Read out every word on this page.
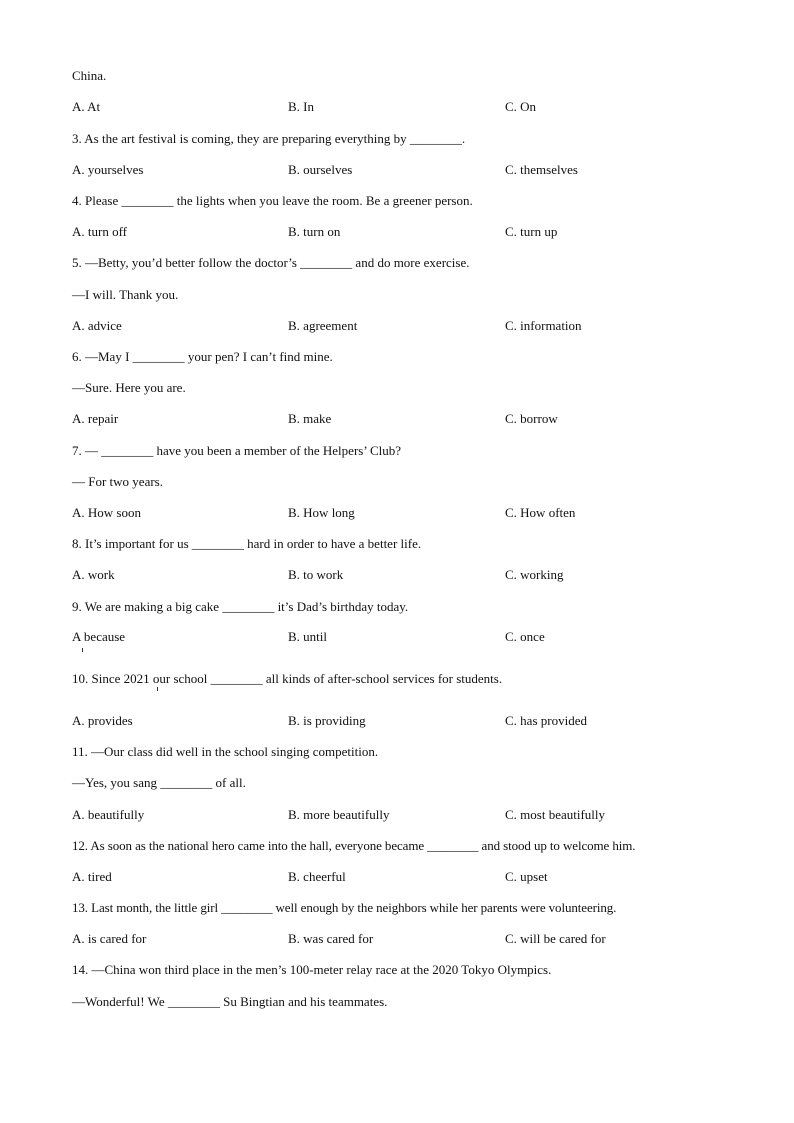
China.
A. At	B. In	C. On
3. As the art festival is coming, they are preparing everything by ________.
A. yourselves	B. ourselves	C. themselves
4. Please ________ the lights when you leave the room. Be a greener person.
A. turn off	B. turn on	C. turn up
5. —Betty, you’d better follow the doctor’s ________ and do more exercise.
—I will. Thank you.
A. advice	B. agreement	C. information
6. —May I ________ your pen? I can’t find mine.
—Sure. Here you are.
A. repair	B. make	C. borrow
7. — ________ have you been a member of the Helpers’ Club?
— For two years.
A. How soon	B. How long	C. How often
8. It’s important for us ________ hard in order to have a better life.
A. work	B. to work	C. working
9. We are making a big cake ________ it’s Dad’s birthday today.
A because	B. until	C. once
10. Since 2021 our school ________ all kinds of after-school services for students.
A. provides	B. is providing	C. has provided
11. —Our class did well in the school singing competition.
—Yes, you sang ________ of all.
A. beautifully	B. more beautifully	C. most beautifully
12. As soon as the national hero came into the hall, everyone became ________ and stood up to welcome him.
A. tired	B. cheerful	C. upset
13. Last month, the little girl ________ well enough by the neighbors while her parents were volunteering.
A. is cared for	B. was cared for	C. will be cared for
14. —China won third place in the men’s 100-meter relay race at the 2020 Tokyo Olympics.
—Wonderful! We ________ Su Bingtian and his teammates.
